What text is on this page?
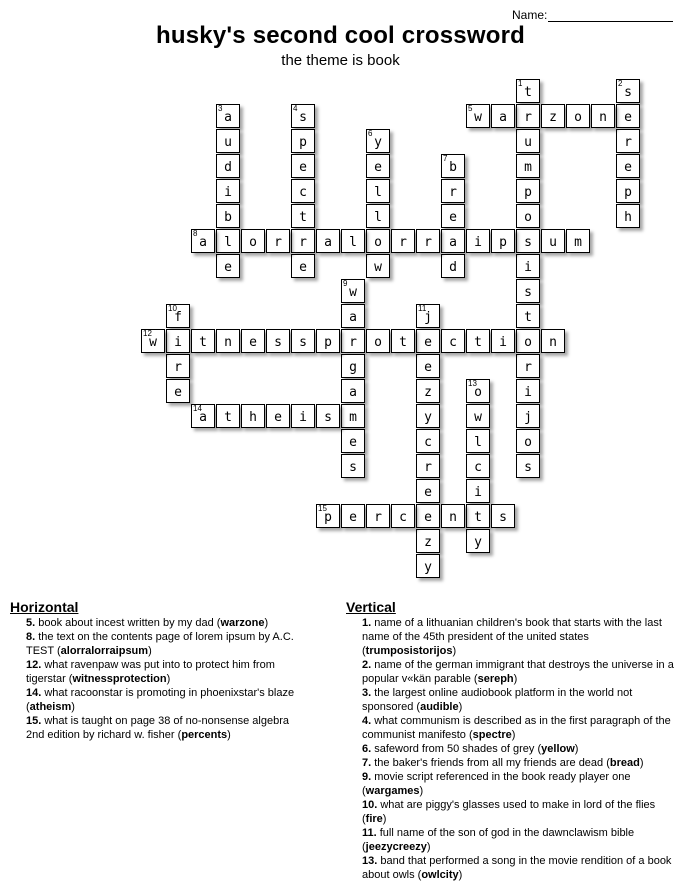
Name:
husky's second cool crossword
the theme is book
t
1
r
u
m
p
o
s
i
s
t
o
r
i
j
o
s
s
2
e
r
e
p
h
a
3
u
d
i
b
l
e
s
4
p
e
c
t
r
e
w
5
a	z	o	n
y
6
e
l
l
o
w
b
7
r
e
a
d
a
8
o	r	a	l	r	r	i	p	u	m
w
9
a
r
g
a
m
e
s
f
10
i
r
e
j
11
e
e
z
y
c
r
e
e
z
y
w
12
t	n	e	s	s	p	o	t	c	t	i	n
o
13
w
l
c
i
t
y
a
14
t	h	e	i	s
p
15
e	r	c	n	s
Horizontal
5. book about incest written by my dad (warzone)
8. the text on the contents page of lorem ipsum by A.C. TEST (alorralorraipsum)
12. what ravenpaw was put into to protect him from tigerstar (witnessprotection)
14. what racoonstar is promoting in phoenixstar's blaze (atheism)
15. what is taught on page 38 of no-nonsense algebra 2nd edition by richard w. fisher (percents)
Vertical
1. name of a lithuanian children's book that starts with the last name of the 45th president of the united states (trumposistorijos)
2. name of the german immigrant that destroys the universe in a popular v«kän parable (sereph)
3. the largest online audiobook platform in the world not sponsored (audible)
4. what communism is described as in the first paragraph of the communist manifesto (spectre)
6. safeword from 50 shades of grey (yellow)
7. the baker's friends from all my friends are dead (bread)
9. movie script referenced in the book ready player one (wargames)
10. what are piggy's glasses used to make in lord of the flies (fire)
11. full name of the son of god in the dawnclawism bible (jeezycreezy)
13. band that performed a song in the movie rendition of a book about owls (owlcity)
